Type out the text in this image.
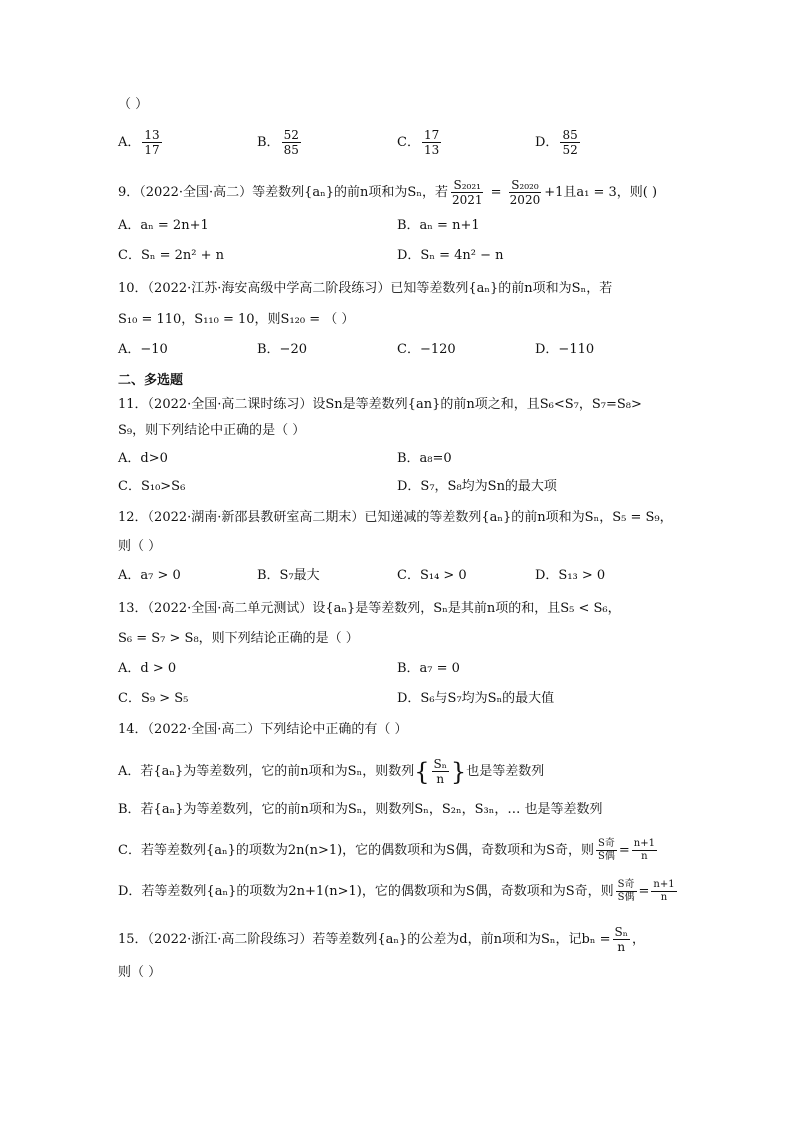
（ ）
A． $\frac{13}{17}$	B． $\frac{52}{85}$	C． $\frac{17}{13}$	D． $\frac{85}{52}$
9．（2022·全国·高二）等差数列{aₙ}的前n项和为Sₙ，若 $\frac{\text{S₂₀₂₁}}{2021} = \frac{\text{S₂₀₂₀}}{2020} +1$且a₁ = 3，则( )
A．aₙ = 2n+1	B．aₙ = n+1
C．Sₙ = 2n² + n	D．Sₙ = 4n² − n
10．（2022·江苏·海安高级中学高二阶段练习）已知等差数列{aₙ}的前n项和为Sₙ，若
S₁₀ = 110，S₁₁₀ = 10，则S₁₂₀ = （ ）
A．−10	B．−20	C．−120	D．−110
二、多选题
11．（2022·全国·高二课时练习）设Sn是等差数列{an}的前n项之和，且S₆<S₇，S₇=S₈>
S₉，则下列结论中正确的是（ ）
A．d>0	B．a₈=0
C．S₁₀>S₆	D．S₇，S₈均为Sn的最大项
12．（2022·湖南·新邵县教研室高二期末）已知递减的等差数列{aₙ}的前n项和为Sₙ，S₅ = S₉，
则（ ）
A．a₇ > 0	B．S₇最大	C．S₁₄ > 0	D．S₁₃ > 0
13．（2022·全国·高二单元测试）设{aₙ}是等差数列，Sₙ是其前n项的和，且S₅ < S₆，
S₆ = S₇ > S₈，则下列结论正确的是（ ）
A．d > 0	B．a₇ = 0
C．S₉ > S₅	D．S₆与S₇均为Sₙ的最大值
14．（2022·全国·高二）下列结论中正确的有（ ）
A．若{aₙ}为等差数列，它的前n项和为Sₙ，则数列 { $\frac{\text{Sₙ}}{n}$ } 也是等差数列
B．若{aₙ}为等差数列，它的前n项和为Sₙ，则数列Sₙ，S₂ₙ，S₃ₙ，… 也是等差数列
C．若等差数列{aₙ}的项数为2n(n>1)，它的偶数项和为S偶，奇数项和为S奇，则 $\frac{\text{S奇}}{\text{S偶}} = \frac{n+1}{n}$
D．若等差数列{aₙ}的项数为2n+1(n>1)，它的偶数项和为S偶，奇数项和为S奇，则 $\frac{\text{S奇}}{\text{S偶}} = \frac{n+1}{n}$
15．（2022·浙江·高二阶段练习）若等差数列{aₙ}的公差为d，前n项和为Sₙ，记$b_n = \frac{\text{Sₙ}}{n}$ ，
则（ ）
